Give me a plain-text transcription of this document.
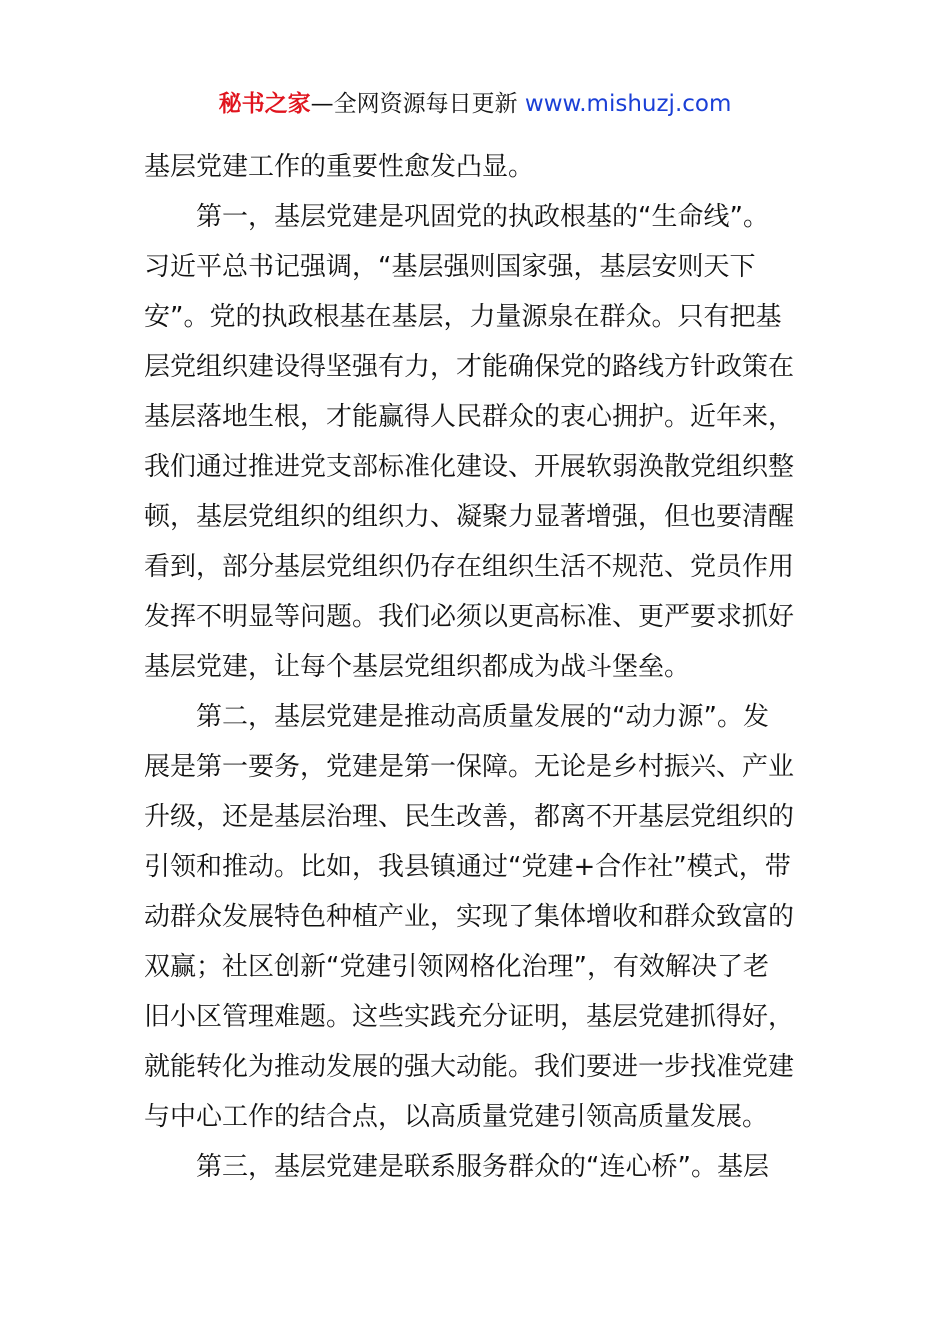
秘书之家—全网资源每日更新 www.mishuzj.com
基层党建工作的重要性愈发凸显。
　　第一，基层党建是巩固党的执政根基的“生命线”。
习近平总书记强调，“基层强则国家强，基层安则天下
安”。党的执政根基在基层，力量源泉在群众。只有把基
层党组织建设得坚强有力，才能确保党的路线方针政策在
基层落地生根，才能赢得人民群众的衷心拥护。近年来，
我们通过推进党支部标准化建设、开展软弱涣散党组织整
顿，基层党组织的组织力、凝聚力显著增强，但也要清醒
看到，部分基层党组织仍存在组织生活不规范、党员作用
发挥不明显等问题。我们必须以更高标准、更严要求抓好
基层党建，让每个基层党组织都成为战斗堡垒。
　　第二，基层党建是推动高质量发展的“动力源”。发
展是第一要务，党建是第一保障。无论是乡村振兴、产业
升级，还是基层治理、民生改善，都离不开基层党组织的
引领和推动。比如，我县镇通过“党建+合作社”模式，带
动群众发展特色种植产业，实现了集体增收和群众致富的
双赢；社区创新“党建引领网格化治理”，有效解决了老
旧小区管理难题。这些实践充分证明，基层党建抓得好，
就能转化为推动发展的强大动能。我们要进一步找准党建
与中心工作的结合点，以高质量党建引领高质量发展。
　　第三，基层党建是联系服务群众的“连心桥”。基层
